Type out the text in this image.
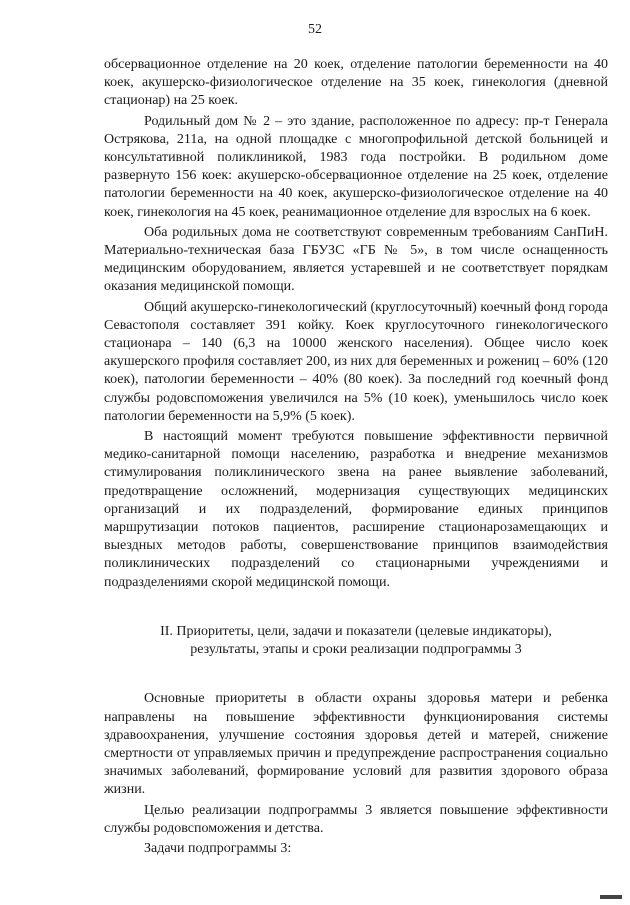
52

обсервационное отделение на 20 коек, отделение патологии беременности на 40 коек, акушерско-физиологическое отделение на 35 коек, гинекология (дневной стационар) на 25 коек.

Родильный дом № 2 – это здание, расположенное по адресу: пр-т Генерала Острякова, 211а, на одной площадке с многопрофильной детской больницей и консультативной поликлиникой, 1983 года постройки. В родильном доме развернуто 156 коек: акушерско-обсервационное отделение на 25 коек, отделение патологии беременности на 40 коек, акушерско-физиологическое отделение на 40 коек, гинекология на 45 коек, реанимационное отделение для взрослых на 6 коек.

Оба родильных дома не соответствуют современным требованиям СанПиН. Материально-техническая база ГБУЗС «ГБ № 5», в том числе оснащенность медицинским оборудованием, является устаревшей и не соответствует порядкам оказания медицинской помощи.

Общий акушерско-гинекологический (круглосуточный) коечный фонд города Севастополя составляет 391 койку. Коек круглосуточного гинекологического стационара – 140 (6,3 на 10000 женского населения). Общее число коек акушерского профиля составляет 200, из них для беременных и рожениц – 60% (120 коек), патологии беременности – 40% (80 коек). За последний год коечный фонд службы родовспоможения увеличился на 5% (10 коек), уменьшилось число коек патологии беременности на 5,9% (5 коек).

В настоящий момент требуются повышение эффективности первичной медико-санитарной помощи населению, разработка и внедрение механизмов стимулирования поликлинического звена на ранее выявление заболеваний, предотвращение осложнений, модернизация существующих медицинских организаций и их подразделений, формирование единых принципов маршрутизации потоков пациентов, расширение стационарозамещающих и выездных методов работы, совершенствование принципов взаимодействия поликлинических подразделений со стационарными учреждениями и подразделениями скорой медицинской помощи.

II. Приоритеты, цели, задачи и показатели (целевые индикаторы), результаты, этапы и сроки реализации подпрограммы 3

Основные приоритеты в области охраны здоровья матери и ребенка направлены на повышение эффективности функционирования системы здравоохранения, улучшение состояния здоровья детей и матерей, снижение смертности от управляемых причин и предупреждение распространения социально значимых заболеваний, формирование условий для развития здорового образа жизни.

Целью реализации подпрограммы 3 является повышение эффективности службы родовспоможения и детства.

Задачи подпрограммы 3:
